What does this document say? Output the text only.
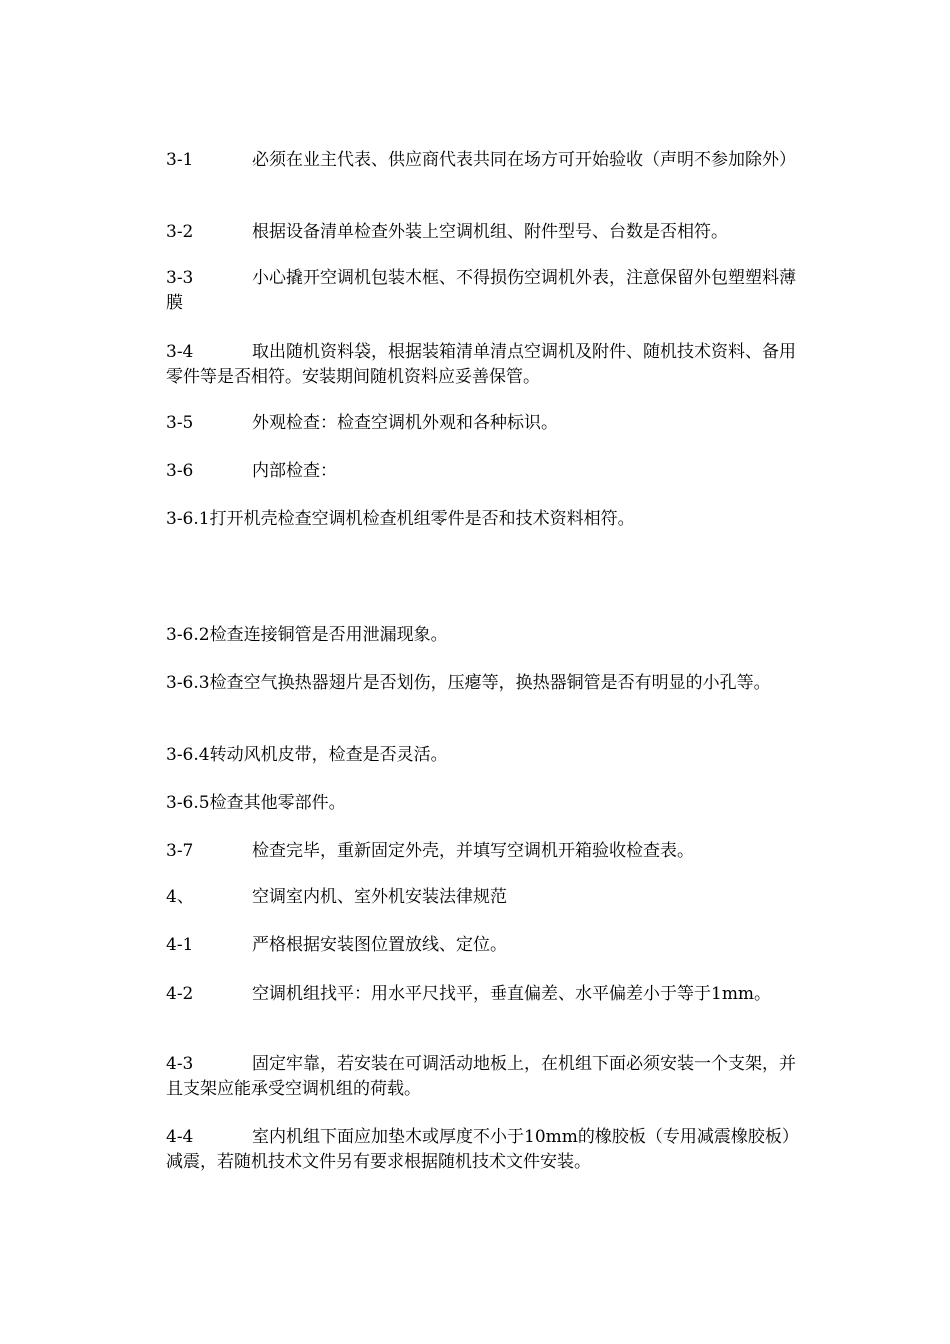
3-1	必须在业主代表、供应商代表共同在场方可开始验收（声明不参加除外）
3-2	根据设备清单检查外装上空调机组、附件型号、台数是否相符。
3-3	小心撬开空调机包装木框、不得损伤空调机外表，注意保留外包塑塑料薄膜
3-4	取出随机资料袋，根据装箱清单清点空调机及附件、随机技术资料、备用零件等是否相符。安装期间随机资料应妥善保管。
3-5	外观检查：检查空调机外观和各种标识。
3-6	内部检查：
3-6.1打开机壳检查空调机检查机组零件是否和技术资料相符。
3-6.2检查连接铜管是否用泄漏现象。
3-6.3检查空气换热器翅片是否划伤，压瘪等，换热器铜管是否有明显的小孔等。
3-6.4转动风机皮带，检查是否灵活。
3-6.5检查其他零部件。
3-7	检查完毕，重新固定外壳，并填写空调机开箱验收检查表。
4、	空调室内机、室外机安装法律规范
4-1	严格根据安装图位置放线、定位。
4-2	空调机组找平：用水平尺找平，垂直偏差、水平偏差小于等于1mm。
4-3	固定牢靠，若安装在可调活动地板上，在机组下面必须安装一个支架，并且支架应能承受空调机组的荷载。
4-4	室内机组下面应加垫木或厚度不小于10mm的橡胶板（专用减震橡胶板）减震，若随机技术文件另有要求根据随机技术文件安装。
